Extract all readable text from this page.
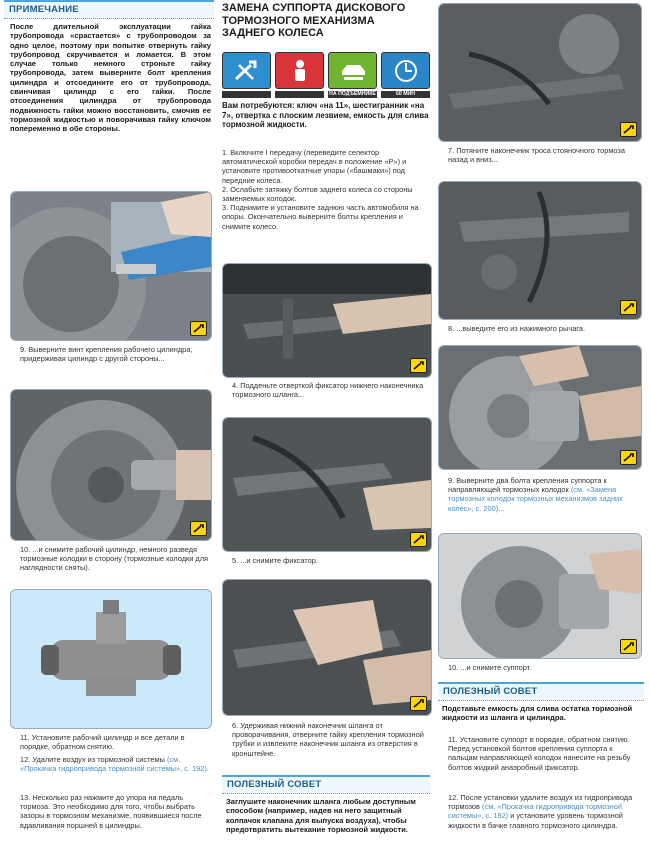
ПРИМЕЧАНИЕ
После длительной эксплуатации гайка трубопровода «срастается» с трубопроводом за одно целое, поэтому при попытке отвернуть гайку трубопровод скручивается и ломается. В этом случае только немного строньте гайку трубопровода, затем выверните болт крепления цилиндра и отсоедините его от трубопровода, свинчивая цилиндр с его гайки. После отсоединения цилиндра от трубопровода подвижность гайки можно восстановить, смочив ее тормозной жидкостью и поворачивая гайку ключом попеременно в обе стороны.
9. Выверните винт крепления рабочего цилиндра, придерживая цилиндр с другой стороны...
10. ...и снимите рабочий цилиндр, немного разведя тормозные колодки в сторону (тормозные колодки для наглядности сняты).
11. Установите рабочий цилиндр и все детали в порядке, обратном снятию.
12. Удалите воздух из тормозной системы (см. «Прокачка гидропривода тормозной системы», с. 192).
13. Несколько раз нажмите до упора на педаль тормоза. Это необходимо для того, чтобы выбрать зазоры в тормозном механизме, появившиеся после вдавливания поршней в цилиндры.
ЗАМЕНА СУППОРТА ДИСКОВОГО ТОРМОЗНОГО МЕХАНИЗМА ЗАДНЕГО КОЛЕСА
НА ПОДЪЕМНИКЕ	60 МИН
Вам потребуются: ключ «на 11», шестигранник «на 7», отвертка с плоским лезвием, емкость для слива тормозной жидкости.
1. Включите I передачу (переведите селектор автоматической коробки передач в положение «P») и установите противооткатные упоры («башмаки») под передние колеса.
2. Ослабьте затяжку болтов заднего колеса со стороны заменяемых колодок.
3. Поднимите и установите заднюю часть автомобиля на опоры. Окончательно выверните болты крепления и снимите колесо.
4. Подденьте отверткой фиксатор нижнего наконечника тормозного шланга...
5. ...и снимите фиксатор.
6. Удерживая нижний наконечник шланга от проворачивания, отверните гайку крепления тормозной трубки и извлеките наконечник шланга из отверстия в кронштейне.
ПОЛЕЗНЫЙ СОВЕТ
Заглушите наконечник шланга любым доступным способом (например, надев на него защитный колпачок клапана для выпуска воздуха), чтобы предотвратить вытекание тормозной жидкости.
7. Потяните наконечник троса стояночного тормоза назад и вниз...
8. ...выведите его из нажимного рычага.
9. Выверните два болта крепления суппорта к направляющей тормозных колодок (см. «Замена тормозных колодок тормозных механизмов задних колес», с. 200)...
10. ...и снимите суппорт.
ПОЛЕЗНЫЙ СОВЕТ
Подставьте емкость для слива остатка тормозной жидкости из шланга и цилиндра.
11. Установите суппорт в порядке, обратном снятию. Перед установкой болтов крепления суппорта к пальцам направляющей колодок нанесите на резьбу болтов жидкий анаэробный фиксатор.
12. После установки удалите воздух из гидропривода тормозов (см. «Прокачка гидропривода тормозной системы», с. 192) и установите уровень тормозной жидкости в бачке главного тормозного цилиндра.
